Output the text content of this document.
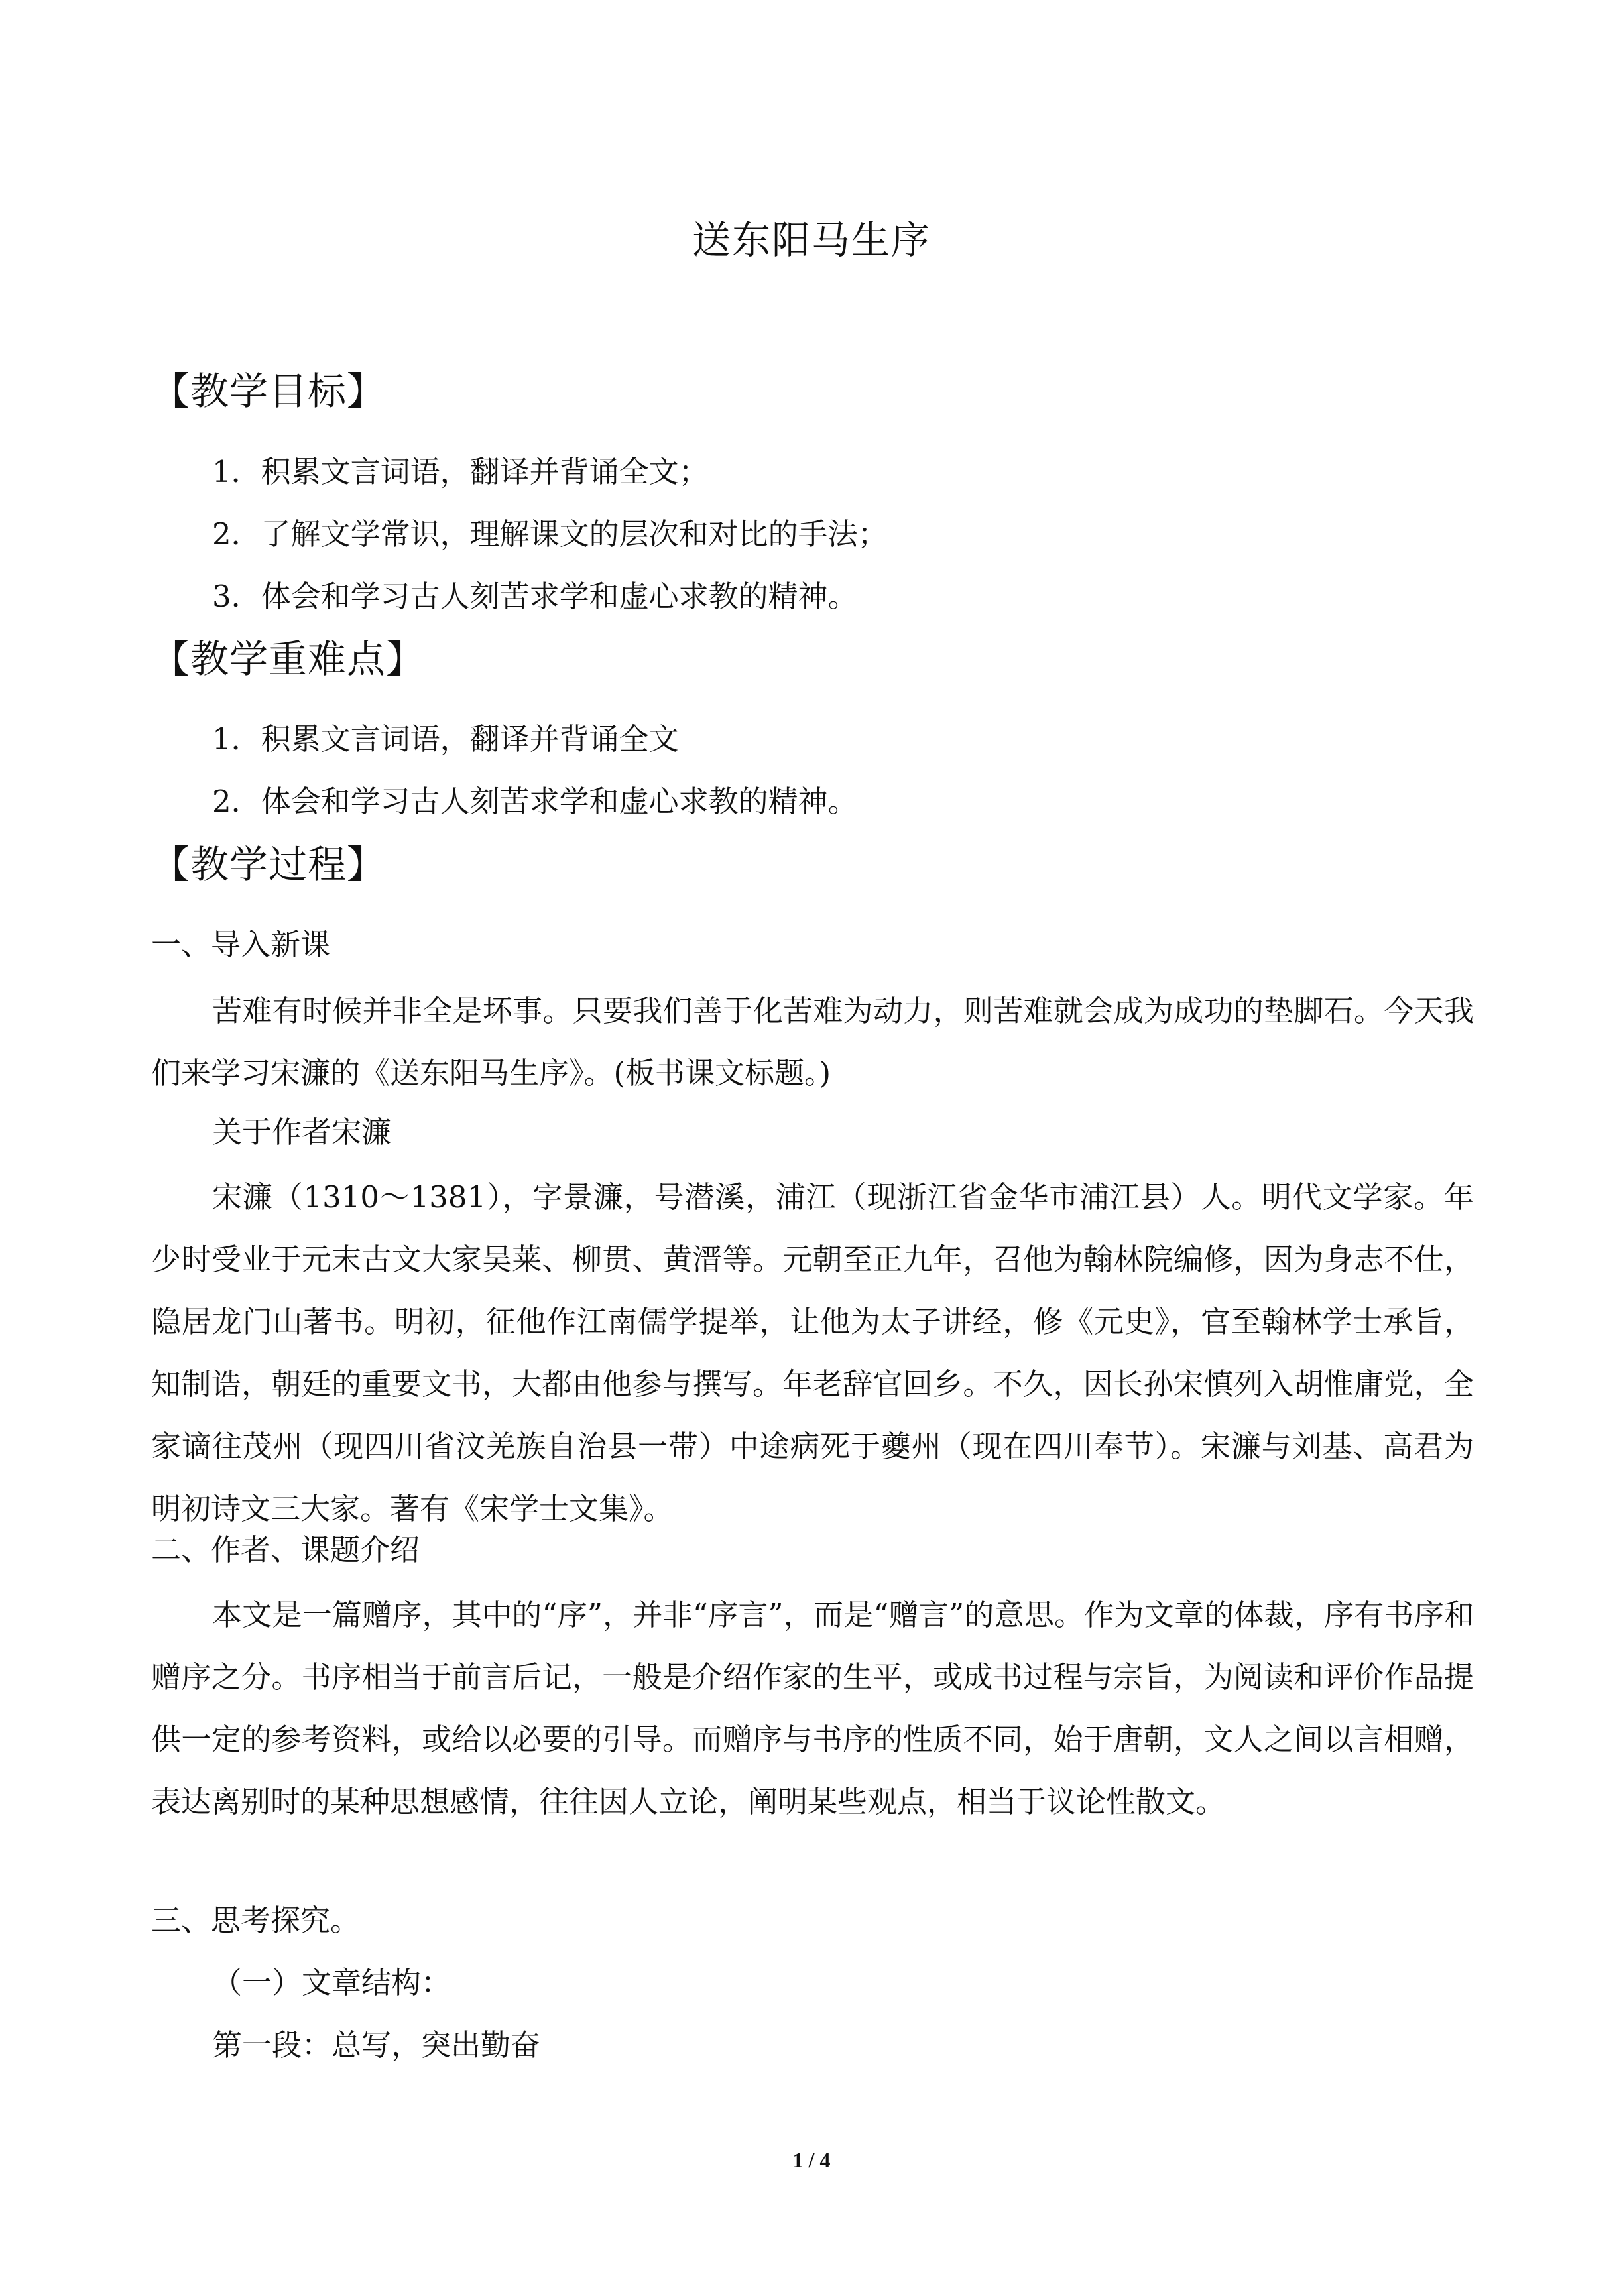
送东阳马生序
【教学目标】
1．积累文言词语，翻译并背诵全文；
2．了解文学常识，理解课文的层次和对比的手法；
3．体会和学习古人刻苦求学和虚心求教的精神。
【教学重难点】
1．积累文言词语，翻译并背诵全文
2．体会和学习古人刻苦求学和虚心求教的精神。
【教学过程】
一、导入新课
苦难有时候并非全是坏事。只要我们善于化苦难为动力，则苦难就会成为成功的垫脚石。今天我们来学习宋濂的《送东阳马生序》。(板书课文标题。)
关于作者宋濂
宋濂（1310～1381），字景濂，号潜溪，浦江（现浙江省金华市浦江县）人。明代文学家。年少时受业于元末古文大家吴莱、柳贯、黄溍等。元朝至正九年，召他为翰林院编修，因为身志不仕，隐居龙门山著书。明初，征他作江南儒学提举，让他为太子讲经，修《元史》，官至翰林学士承旨，知制诰，朝廷的重要文书，大都由他参与撰写。年老辞官回乡。不久，因长孙宋慎列入胡惟庸党，全家谪往茂州（现四川省汶羌族自治县一带）中途病死于夔州（现在四川奉节）。宋濂与刘基、高君为明初诗文三大家。著有《宋学士文集》。
二、作者、课题介绍
本文是一篇赠序，其中的“序”，并非“序言”，而是“赠言”的意思。作为文章的体裁，序有书序和赠序之分。书序相当于前言后记，一般是介绍作家的生平，或成书过程与宗旨，为阅读和评价作品提供一定的参考资料，或给以必要的引导。而赠序与书序的性质不同，始于唐朝，文人之间以言相赠，表达离别时的某种思想感情，往往因人立论，阐明某些观点，相当于议论性散文。
三、思考探究。
（一）文章结构：
第一段：总写，突出勤奋
1 / 4
